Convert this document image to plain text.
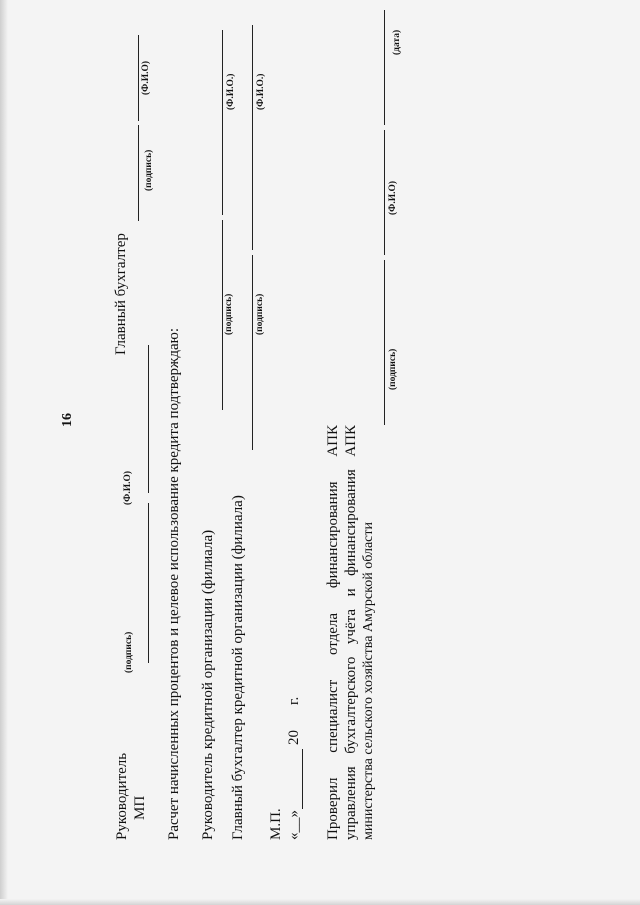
16
Руководитель МП
(подпись)
(Ф.И.О)
Главный бухгалтер
(подпись)
(Ф.И.О)
Расчет начисленных процентов и целевое использование кредита подтверждаю: Руководитель кредитной организации (филиала)
(подпись)
(Ф.И.О.)
Главный бухгалтер кредитной организации (филиала)
(подпись)
(Ф.И.О.)
М.П. «__»
20
г. Проверил специалист отдела финансирования АПК управления бухгалтерского учёта и финансирования АПК министерства сельского хозяйства Амурской области
(подпись)
(Ф.И.О)
(дата)
